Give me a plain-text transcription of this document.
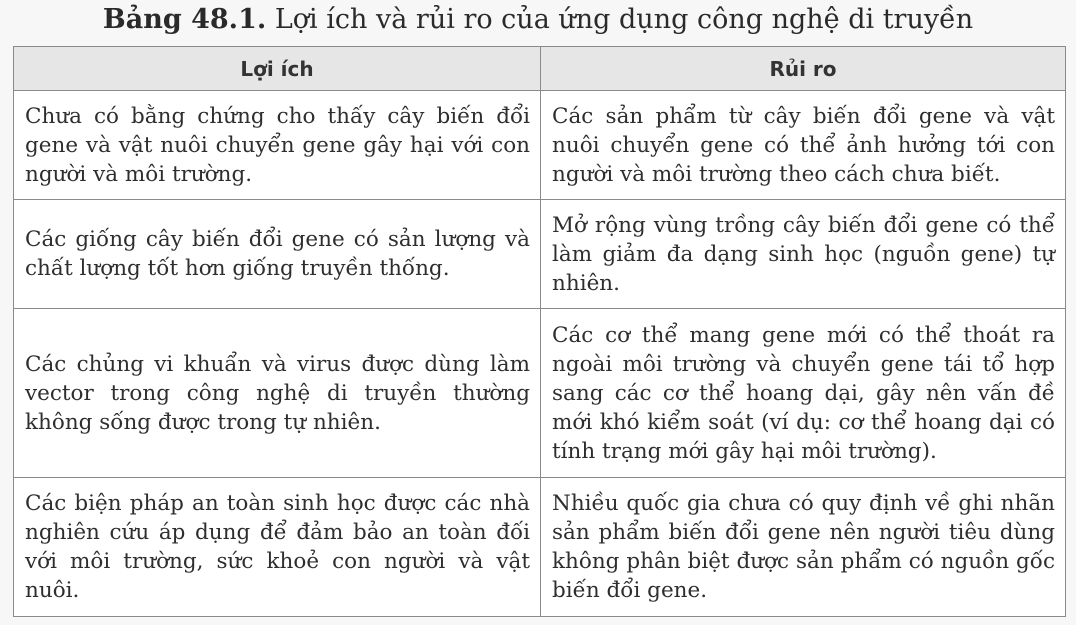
Bảng 48.1. Lợi ích và rủi ro của ứng dụng công nghệ di truyền

Lợi ích	Rủi ro
Chưa có bằng chứng cho thấy cây biến đổi gene và vật nuôi chuyển gene gây hại với con người và môi trường.	Các sản phẩm từ cây biến đổi gene và vật nuôi chuyển gene có thể ảnh hưởng tới con người và môi trường theo cách chưa biết.
Các giống cây biến đổi gene có sản lượng và chất lượng tốt hơn giống truyền thống.	Mở rộng vùng trồng cây biến đổi gene có thể làm giảm đa dạng sinh học (nguồn gene) tự nhiên.
Các chủng vi khuẩn và virus được dùng làm vector trong công nghệ di truyền thường không sống được trong tự nhiên.	Các cơ thể mang gene mới có thể thoát ra ngoài môi trường và chuyển gene tái tổ hợp sang các cơ thể hoang dại, gây nên vấn đề mới khó kiểm soát (ví dụ: cơ thể hoang dại có tính trạng mới gây hại môi trường).
Các biện pháp an toàn sinh học được các nhà nghiên cứu áp dụng để đảm bảo an toàn đối với môi trường, sức khoẻ con người và vật nuôi.	Nhiều quốc gia chưa có quy định về ghi nhãn sản phẩm biến đổi gene nên người tiêu dùng không phân biệt được sản phẩm có nguồn gốc biến đổi gene.
